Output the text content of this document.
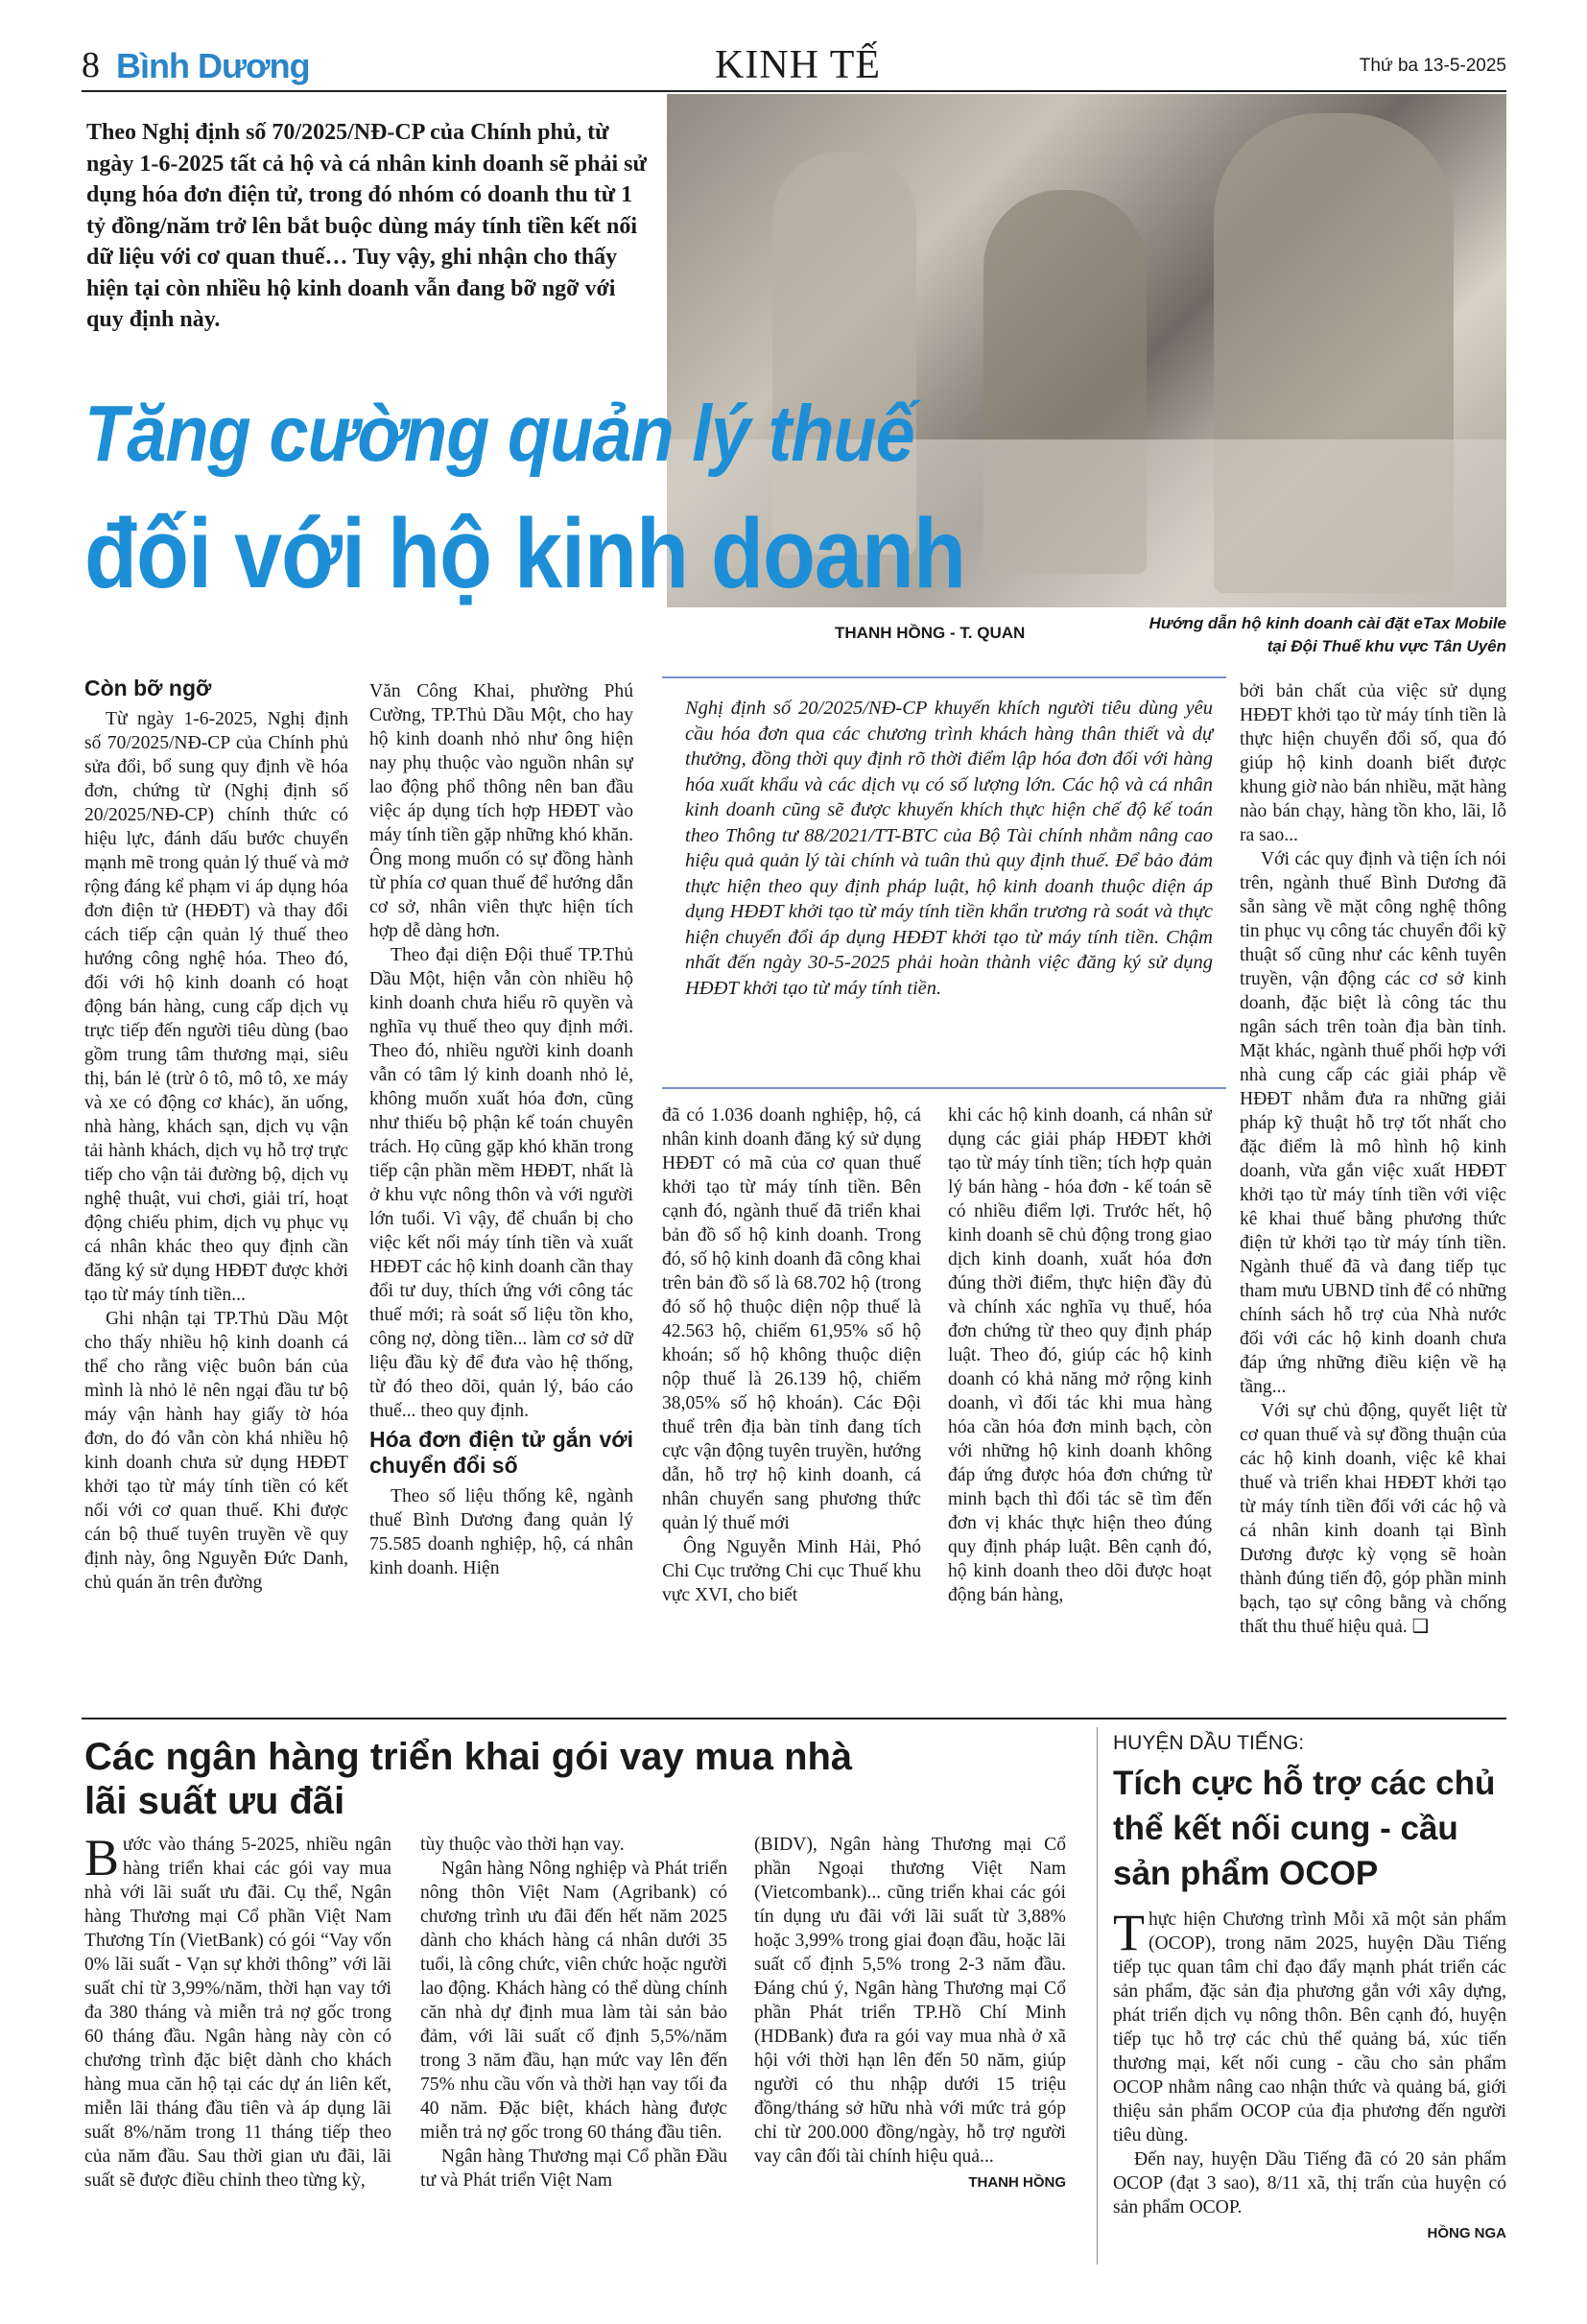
8 Bình Dương	KINH TẾ	Thứ ba 13-5-2025
Theo Nghị định số 70/2025/NĐ-CP của Chính phủ, từ ngày 1-6-2025 tất cả hộ và cá nhân kinh doanh sẽ phải sử dụng hóa đơn điện tử, trong đó nhóm có doanh thu từ 1 tỷ đồng/năm trở lên bắt buộc dùng máy tính tiền kết nối dữ liệu với cơ quan thuế… Tuy vậy, ghi nhận cho thấy hiện tại còn nhiều hộ kinh doanh vẫn đang bỡ ngỡ với quy định này.
Tăng cường quản lý thuế
đối với hộ kinh doanh
THANH HỒNG - T. QUAN
Hướng dẫn hộ kinh doanh cài đặt eTax Mobile
tại Đội Thuế khu vực Tân Uyên
Còn bỡ ngỡ

Từ ngày 1-6-2025, Nghị định số 70/2025/NĐ-CP của Chính phủ sửa đổi, bổ sung quy định về hóa đơn, chứng từ (Nghị định số 20/2025/NĐ-CP) chính thức có hiệu lực, đánh dấu bước chuyển mạnh mẽ trong quản lý thuế và mở rộng đáng kể phạm vi áp dụng hóa đơn điện tử (HĐĐT) và thay đổi cách tiếp cận quản lý thuế theo hướng công nghệ hóa. Theo đó, đối với hộ kinh doanh có hoạt động bán hàng, cung cấp dịch vụ trực tiếp đến người tiêu dùng (bao gồm trung tâm thương mại, siêu thị, bán lẻ (trừ ô tô, mô tô, xe máy và xe có động cơ khác), ăn uống, nhà hàng, khách sạn, dịch vụ vận tải hành khách, dịch vụ hỗ trợ trực tiếp cho vận tải đường bộ, dịch vụ nghệ thuật, vui chơi, giải trí, hoạt động chiếu phim, dịch vụ phục vụ cá nhân khác theo quy định cần đăng ký sử dụng HĐĐT được khởi tạo từ máy tính tiền...

Ghi nhận tại TP.Thủ Dầu Một cho thấy nhiều hộ kinh doanh cá thể cho rằng việc buôn bán của mình là nhỏ lẻ nên ngại đầu tư bộ máy vận hành hay giấy tờ hóa đơn, do đó vẫn còn khá nhiều hộ kinh doanh chưa sử dụng HĐĐT khởi tạo từ máy tính tiền có kết nối với cơ quan thuế. Khi được cán bộ thuế tuyên truyền về quy định này, ông Nguyễn Đức Danh, chủ quán ăn trên đường

Văn Công Khai, phường Phú Cường, TP.Thủ Dầu Một, cho hay hộ kinh doanh nhỏ như ông hiện nay phụ thuộc vào nguồn nhân sự lao động phổ thông nên ban đầu việc áp dụng tích hợp HĐĐT vào máy tính tiền gặp những khó khăn. Ông mong muốn có sự đồng hành từ phía cơ quan thuế để hướng dẫn cơ sở, nhân viên thực hiện tích hợp dễ dàng hơn.

Theo đại diện Đội thuế TP.Thủ Dầu Một, hiện vẫn còn nhiều hộ kinh doanh chưa hiểu rõ quyền và nghĩa vụ thuế theo quy định mới. Theo đó, nhiều người kinh doanh vẫn có tâm lý kinh doanh nhỏ lẻ, không muốn xuất hóa đơn, cũng như thiếu bộ phận kế toán chuyên trách. Họ cũng gặp khó khăn trong tiếp cận phần mềm HĐĐT, nhất là ở khu vực nông thôn và với người lớn tuổi. Vì vậy, để chuẩn bị cho việc kết nối máy tính tiền và xuất HĐĐT các hộ kinh doanh cần thay đổi tư duy, thích ứng với công tác thuế mới; rà soát số liệu tồn kho, công nợ, dòng tiền... làm cơ sở dữ liệu đầu kỳ để đưa vào hệ thống, từ đó theo dõi, quản lý, báo cáo thuế... theo quy định.

Hóa đơn điện tử gắn với chuyển đổi số

Theo số liệu thống kê, ngành thuế Bình Dương đang quản lý 75.585 doanh nghiệp, hộ, cá nhân kinh doanh. Hiện

Nghị định số 20/2025/NĐ-CP khuyến khích người tiêu dùng yêu cầu hóa đơn qua các chương trình khách hàng thân thiết và dự thưởng, đồng thời quy định rõ thời điểm lập hóa đơn đối với hàng hóa xuất khẩu và các dịch vụ có số lượng lớn. Các hộ và cá nhân kinh doanh cũng sẽ được khuyến khích thực hiện chế độ kế toán theo Thông tư 88/2021/TT-BTC của Bộ Tài chính nhằm nâng cao hiệu quả quản lý tài chính và tuân thủ quy định thuế. Để bảo đảm thực hiện theo quy định pháp luật, hộ kinh doanh thuộc diện áp dụng HĐĐT khởi tạo từ máy tính tiền khẩn trương rà soát và thực hiện chuyển đổi áp dụng HĐĐT khởi tạo từ máy tính tiền. Chậm nhất đến ngày 30-5-2025 phải hoàn thành việc đăng ký sử dụng HĐĐT khởi tạo từ máy tính tiền.

đã có 1.036 doanh nghiệp, hộ, cá nhân kinh doanh đăng ký sử dụng HĐĐT có mã của cơ quan thuế khởi tạo từ máy tính tiền. Bên cạnh đó, ngành thuế đã triển khai bản đồ số hộ kinh doanh. Trong đó, số hộ kinh doanh đã công khai trên bản đồ số là 68.702 hộ (trong đó số hộ thuộc diện nộp thuế là 42.563 hộ, chiếm 61,95% số hộ khoán; số hộ không thuộc diện nộp thuế là 26.139 hộ, chiếm 38,05% số hộ khoán). Các Đội thuế trên địa bàn tỉnh đang tích cực vận động tuyên truyền, hướng dẫn, hỗ trợ hộ kinh doanh, cá nhân chuyển sang phương thức quản lý thuế mới

Ông Nguyễn Minh Hải, Phó Chi Cục trưởng Chi cục Thuế khu vực XVI, cho biết

khi các hộ kinh doanh, cá nhân sử dụng các giải pháp HĐĐT khởi tạo từ máy tính tiền; tích hợp quản lý bán hàng - hóa đơn - kế toán sẽ có nhiều điểm lợi. Trước hết, hộ kinh doanh sẽ chủ động trong giao dịch kinh doanh, xuất hóa đơn đúng thời điểm, thực hiện đầy đủ và chính xác nghĩa vụ thuế, hóa đơn chứng từ theo quy định pháp luật. Theo đó, giúp các hộ kinh doanh có khả năng mở rộng kinh doanh, vì đối tác khi mua hàng hóa cần hóa đơn minh bạch, còn với những hộ kinh doanh không đáp ứng được hóa đơn chứng từ minh bạch thì đối tác sẽ tìm đến đơn vị khác thực hiện theo đúng quy định pháp luật. Bên cạnh đó, hộ kinh doanh theo dõi được hoạt động bán hàng,

bởi bản chất của việc sử dụng HĐĐT khởi tạo từ máy tính tiền là thực hiện chuyển đổi số, qua đó giúp hộ kinh doanh biết được khung giờ nào bán nhiều, mặt hàng nào bán chạy, hàng tồn kho, lãi, lỗ ra sao...

Với các quy định và tiện ích nói trên, ngành thuế Bình Dương đã sẵn sàng về mặt công nghệ thông tin phục vụ công tác chuyển đổi kỹ thuật số cũng như các kênh tuyên truyền, vận động các cơ sở kinh doanh, đặc biệt là công tác thu ngân sách trên toàn địa bàn tỉnh. Mặt khác, ngành thuế phối hợp với nhà cung cấp các giải pháp về HĐĐT nhằm đưa ra những giải pháp kỹ thuật hỗ trợ tốt nhất cho đặc điểm là mô hình hộ kinh doanh, vừa gắn việc xuất HĐĐT khởi tạo từ máy tính tiền với việc kê khai thuế bằng phương thức điện tử khởi tạo từ máy tính tiền. Ngành thuế đã và đang tiếp tục tham mưu UBND tỉnh để có những chính sách hỗ trợ của Nhà nước đối với các hộ kinh doanh chưa đáp ứng những điều kiện về hạ tầng...

Với sự chủ động, quyết liệt từ cơ quan thuế và sự đồng thuận của các hộ kinh doanh, việc kê khai thuế và triển khai HĐĐT khởi tạo từ máy tính tiền đối với các hộ và cá nhân kinh doanh tại Bình Dương được kỳ vọng sẽ hoàn thành đúng tiến độ, góp phần minh bạch, tạo sự công bằng và chống thất thu thuế hiệu quả. ❑

Các ngân hàng triển khai gói vay mua nhà
lãi suất ưu đãi
B ước vào tháng 5-2025, nhiều ngân hàng triển khai các gói vay mua nhà với lãi suất ưu đãi. Cụ thể, Ngân hàng Thương mại Cổ phần Việt Nam Thương Tín (VietBank) có gói “Vay vốn 0% lãi suất - Vạn sự khởi thông” với lãi suất chỉ từ 3,99%/năm, thời hạn vay tới đa 380 tháng và miễn trả nợ gốc trong 60 tháng đầu. Ngân hàng này còn có chương trình đặc biệt dành cho khách hàng mua căn hộ tại các dự án liên kết, miễn lãi tháng đầu tiên và áp dụng lãi suất 8%/năm trong 11 tháng tiếp theo của năm đầu. Sau thời gian ưu đãi, lãi suất sẽ được điều chỉnh theo từng kỳ,

tùy thuộc vào thời hạn vay.

Ngân hàng Nông nghiệp và Phát triển nông thôn Việt Nam (Agribank) có chương trình ưu đãi đến hết năm 2025 dành cho khách hàng cá nhân dưới 35 tuổi, là công chức, viên chức hoặc người lao động. Khách hàng có thể dùng chính căn nhà dự định mua làm tài sản bảo đảm, với lãi suất cố định 5,5%/năm trong 3 năm đầu, hạn mức vay lên đến 75% nhu cầu vốn và thời hạn vay tối đa 40 năm. Đặc biệt, khách hàng được miễn trả nợ gốc trong 60 tháng đầu tiên.

Ngân hàng Thương mại Cổ phần Đầu tư và Phát triển Việt Nam

(BIDV), Ngân hàng Thương mại Cổ phần Ngoại thương Việt Nam (Vietcombank)... cũng triển khai các gói tín dụng ưu đãi với lãi suất từ 3,88% hoặc 3,99% trong giai đoạn đầu, hoặc lãi suất cố định 5,5% trong 2-3 năm đầu. Đáng chú ý, Ngân hàng Thương mại Cổ phần Phát triển TP.Hồ Chí Minh (HDBank) đưa ra gói vay mua nhà ở xã hội với thời hạn lên đến 50 năm, giúp người có thu nhập dưới 15 triệu đồng/tháng sở hữu nhà với mức trả góp chỉ từ 200.000 đồng/ngày, hỗ trợ người vay cân đối tài chính hiệu quả...

THANH HỒNG
HUYỆN DẦU TIẾNG:
Tích cực hỗ trợ các chủ thể kết nối cung - cầu sản phẩm OCOP

Thực hiện Chương trình Mỗi xã một sản phẩm (OCOP), trong năm 2025, huyện Dầu Tiếng tiếp tục quan tâm chỉ đạo đẩy mạnh phát triển các sản phẩm, đặc sản địa phương gắn với xây dựng, phát triển dịch vụ nông thôn. Bên cạnh đó, huyện tiếp tục hỗ trợ các chủ thể quảng bá, xúc tiến thương mại, kết nối cung - cầu cho sản phẩm OCOP nhằm nâng cao nhận thức và quảng bá, giới thiệu sản phẩm OCOP của địa phương đến người tiêu dùng.

Đến nay, huyện Dầu Tiếng đã có 20 sản phẩm OCOP (đạt 3 sao), 8/11 xã, thị trấn của huyện có sản phẩm OCOP.

HỒNG NGA
